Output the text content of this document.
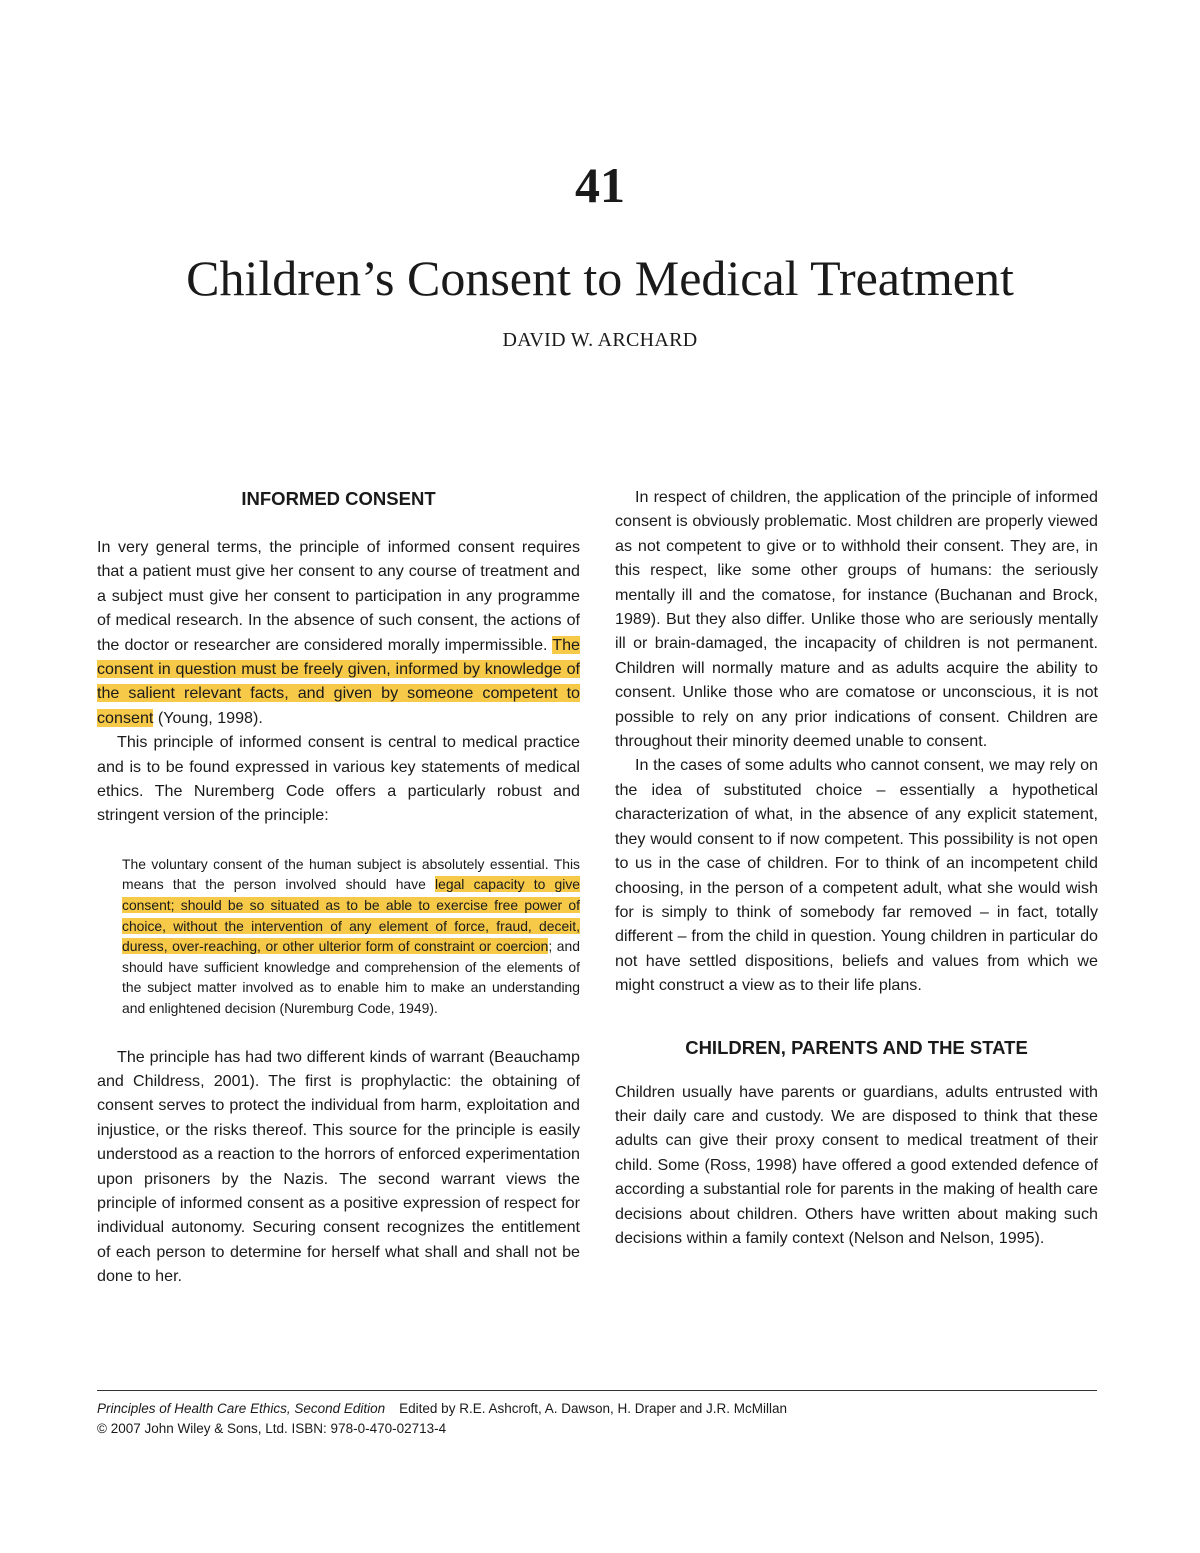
41
Children’s Consent to Medical Treatment
DAVID W. ARCHARD
INFORMED CONSENT

In very general terms, the principle of informed consent requires that a patient must give her consent to any course of treatment and a subject must give her consent to participation in any programme of medical research. In the absence of such consent, the actions of the doctor or researcher are considered morally impermissible. The consent in question must be freely given, informed by knowledge of the salient relevant facts, and given by someone competent to consent (Young, 1998).

This principle of informed consent is central to medical practice and is to be found expressed in various key statements of medical ethics. The Nuremberg Code offers a particularly robust and stringent version of the principle:

The voluntary consent of the human subject is absolutely essential. This means that the person involved should have legal capacity to give consent; should be so situated as to be able to exercise free power of choice, without the intervention of any element of force, fraud, deceit, duress, over-reaching, or other ulterior form of constraint or coercion; and should have sufficient knowledge and comprehension of the elements of the subject matter involved as to enable him to make an understanding and enlightened decision (Nuremburg Code, 1949).

The principle has had two different kinds of warrant (Beauchamp and Childress, 2001). The first is prophylactic: the obtaining of consent serves to protect the individual from harm, exploitation and injustice, or the risks thereof. This source for the principle is easily understood as a reaction to the horrors of enforced experimentation upon prisoners by the Nazis. The second warrant views the principle of informed consent as a positive expression of respect for individual autonomy. Securing consent recognizes the entitlement of each person to determine for herself what shall and shall not be done to her.

In respect of children, the application of the principle of informed consent is obviously problematic. Most children are properly viewed as not competent to give or to withhold their consent. They are, in this respect, like some other groups of humans: the seriously mentally ill and the comatose, for instance (Buchanan and Brock, 1989). But they also differ. Unlike those who are seriously mentally ill or brain-damaged, the incapacity of children is not permanent. Children will normally mature and as adults acquire the ability to consent. Unlike those who are comatose or unconscious, it is not possible to rely on any prior indications of consent. Children are throughout their minority deemed unable to consent.

In the cases of some adults who cannot consent, we may rely on the idea of substituted choice – essentially a hypothetical characterization of what, in the absence of any explicit statement, they would consent to if now competent. This possibility is not open to us in the case of children. For to think of an incompetent child choosing, in the person of a competent adult, what she would wish for is simply to think of somebody far removed – in fact, totally different – from the child in question. Young children in particular do not have settled dispositions, beliefs and values from which we might construct a view as to their life plans.

CHILDREN, PARENTS AND THE STATE

Children usually have parents or guardians, adults entrusted with their daily care and custody. We are disposed to think that these adults can give their proxy consent to medical treatment of their child. Some (Ross, 1998) have offered a good extended defence of according a substantial role for parents in the making of health care decisions about children. Others have written about making such decisions within a family context (Nelson and Nelson, 1995).

Principles of Health Care Ethics, Second Edition Edited by R.E. Ashcroft, A. Dawson, H. Draper and J.R. McMillan
© 2007 John Wiley & Sons, Ltd. ISBN: 978-0-470-02713-4
